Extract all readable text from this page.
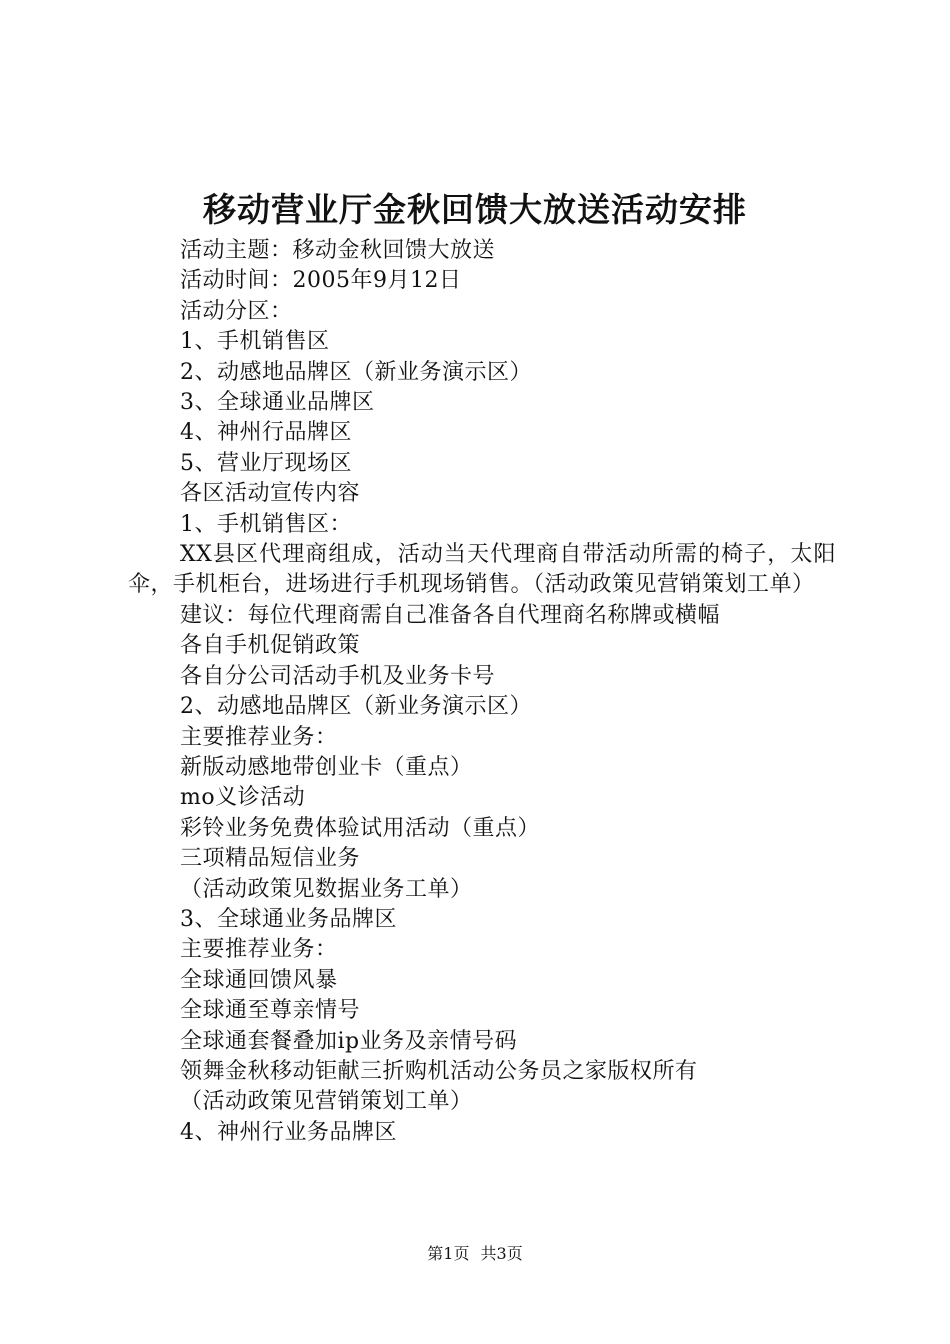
移动营业厅金秋回馈大放送活动安排
活动主题：移动金秋回馈大放送
活动时间：2005年9月12日
活动分区：
1、手机销售区
2、动感地品牌区（新业务演示区）
3、全球通业品牌区
4、神州行品牌区
5、营业厅现场区
各区活动宣传内容
1、手机销售区：
XX县区代理商组成，活动当天代理商自带活动所需的椅子，太阳伞，手机柜台，进场进行手机现场销售。（活动政策见营销策划工单）
建议：每位代理商需自己准备各自代理商名称牌或横幅
各自手机促销政策
各自分公司活动手机及业务卡号
2、动感地品牌区（新业务演示区）
主要推荐业务：
新版动感地带创业卡（重点）
mo义诊活动
彩铃业务免费体验试用活动（重点）
三项精品短信业务
（活动政策见数据业务工单）
3、全球通业务品牌区
主要推荐业务：
全球通回馈风暴
全球通至尊亲情号
全球通套餐叠加ip业务及亲情号码
领舞金秋移动钜献三折购机活动公务员之家版权所有
（活动政策见营销策划工单）
4、神州行业务品牌区
第1页 共3页
